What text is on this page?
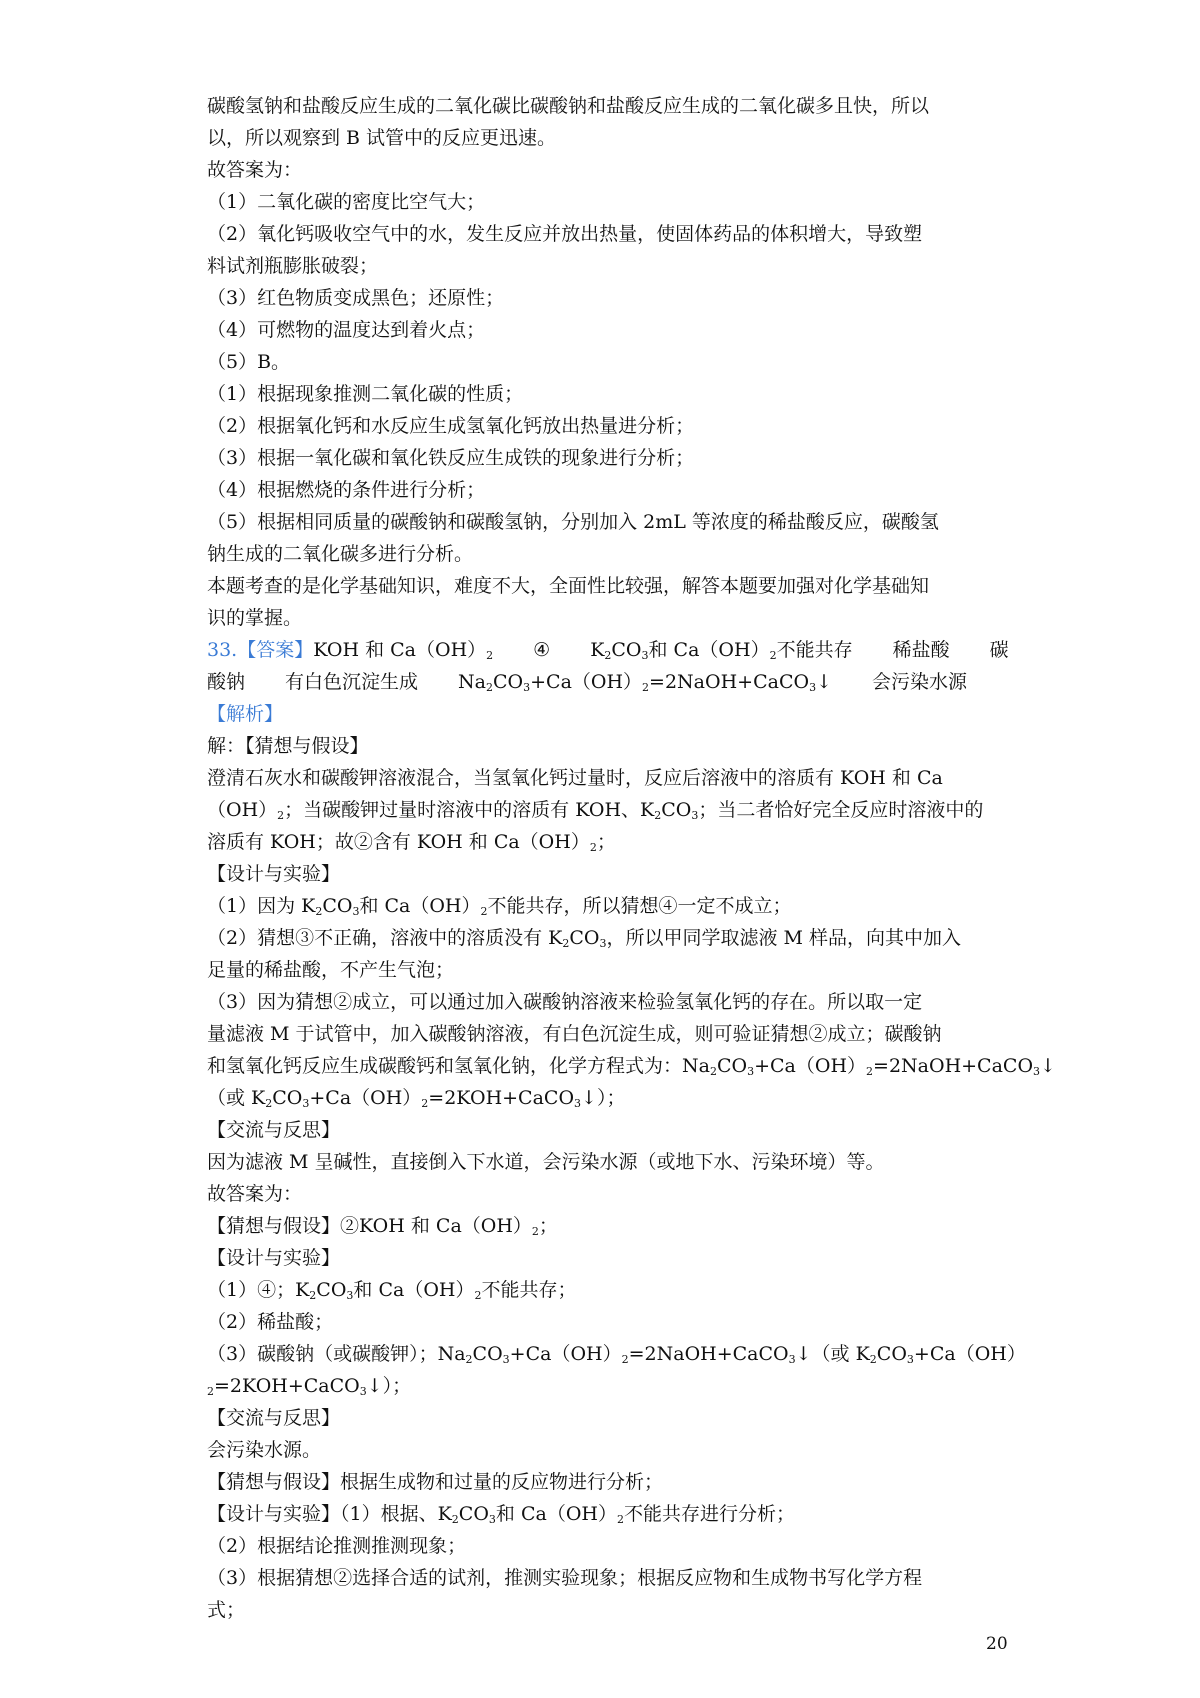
碳酸氢钠和盐酸反应生成的二氧化碳比碳酸钠和盐酸反应生成的二氧化碳多且快，所以
以，所以观察到 B 试管中的反应更迅速。
故答案为：
（1）二氧化碳的密度比空气大；
（2）氧化钙吸收空气中的水，发生反应并放出热量，使固体药品的体积增大，导致塑
料试剂瓶膨胀破裂；
（3）红色物质变成黑色；还原性；
（4）可燃物的温度达到着火点；
（5）B。
（1）根据现象推测二氧化碳的性质；
（2）根据氧化钙和水反应生成氢氧化钙放出热量进分析；
（3）根据一氧化碳和氧化铁反应生成铁的现象进行分析；
（4）根据燃烧的条件进行分析；
（5）根据相同质量的碳酸钠和碳酸氢钠，分别加入 2mL 等浓度的稀盐酸反应，碳酸氢
钠生成的二氧化碳多进行分析。
本题考查的是化学基础知识，难度不大，全面性比较强，解答本题要加强对化学基础知
识的掌握。
33.【答案】KOH 和 $Ca(OH)_2$ ④ $K_2CO_3$和 $Ca(OH)_2$不能共存 稀盐酸 碳
酸钠 有白色沉淀生成 $Na_2CO_3+Ca(OH)_2=2NaOH+CaCO_3↓$ 会污染水源
【解析】
解：【猜想与假设】
澄清石灰水和碳酸钾溶液混合，当氢氧化钙过量时，反应后溶液中的溶质有 KOH 和 Ca
$(OH)_2$；当碳酸钾过量时溶液中的溶质有 KOH、$K_2CO_3$；当二者恰好完全反应时溶液中的
溶质有 KOH；故②含有 KOH 和 $Ca(OH)_2$；
【设计与实验】
（1）因为 $K_2CO_3$和 $Ca(OH)_2$不能共存，所以猜想④一定不成立；
（2）猜想③不正确，溶液中的溶质没有 $K_2CO_3$，所以甲同学取滤液 M 样品，向其中加入
足量的稀盐酸，不产生气泡；
（3）因为猜想②成立，可以通过加入碳酸钠溶液来检验氢氧化钙的存在。所以取一定
量滤液 M 于试管中，加入碳酸钠溶液，有白色沉淀生成，则可验证猜想②成立；碳酸钠
和氢氧化钙反应生成碳酸钙和氢氧化钠，化学方程式为：$Na_2CO_3+Ca(OH)_2=2NaOH+CaCO_3↓$
（或 $K_2CO_3+Ca(OH)_2=2KOH+CaCO_3↓$）；
【交流与反思】
因为滤液 M 呈碱性，直接倒入下水道，会污染水源（或地下水、污染环境）等。
故答案为：
【猜想与假设】②KOH 和 $Ca(OH)_2$；
【设计与实验】
（1）④；$K_2CO_3$和 $Ca(OH)_2$不能共存；
（2）稀盐酸；
（3）碳酸钠（或碳酸钾）；$Na_2CO_3+Ca(OH)_2=2NaOH+CaCO_3↓$（或 $K_2CO_3+Ca(OH)$
$_2$=2KOH+CaCO$_3$↓）；
【交流与反思】
会污染水源。
【猜想与假设】根据生成物和过量的反应物进行分析；
【设计与实验】（1）根据、$K_2CO_3$和 $Ca(OH)_2$不能共存进行分析；
（2）根据结论推测推测现象；
（3）根据猜想②选择合适的试剂，推测实验现象；根据反应物和生成物书写化学方程
式；
20
